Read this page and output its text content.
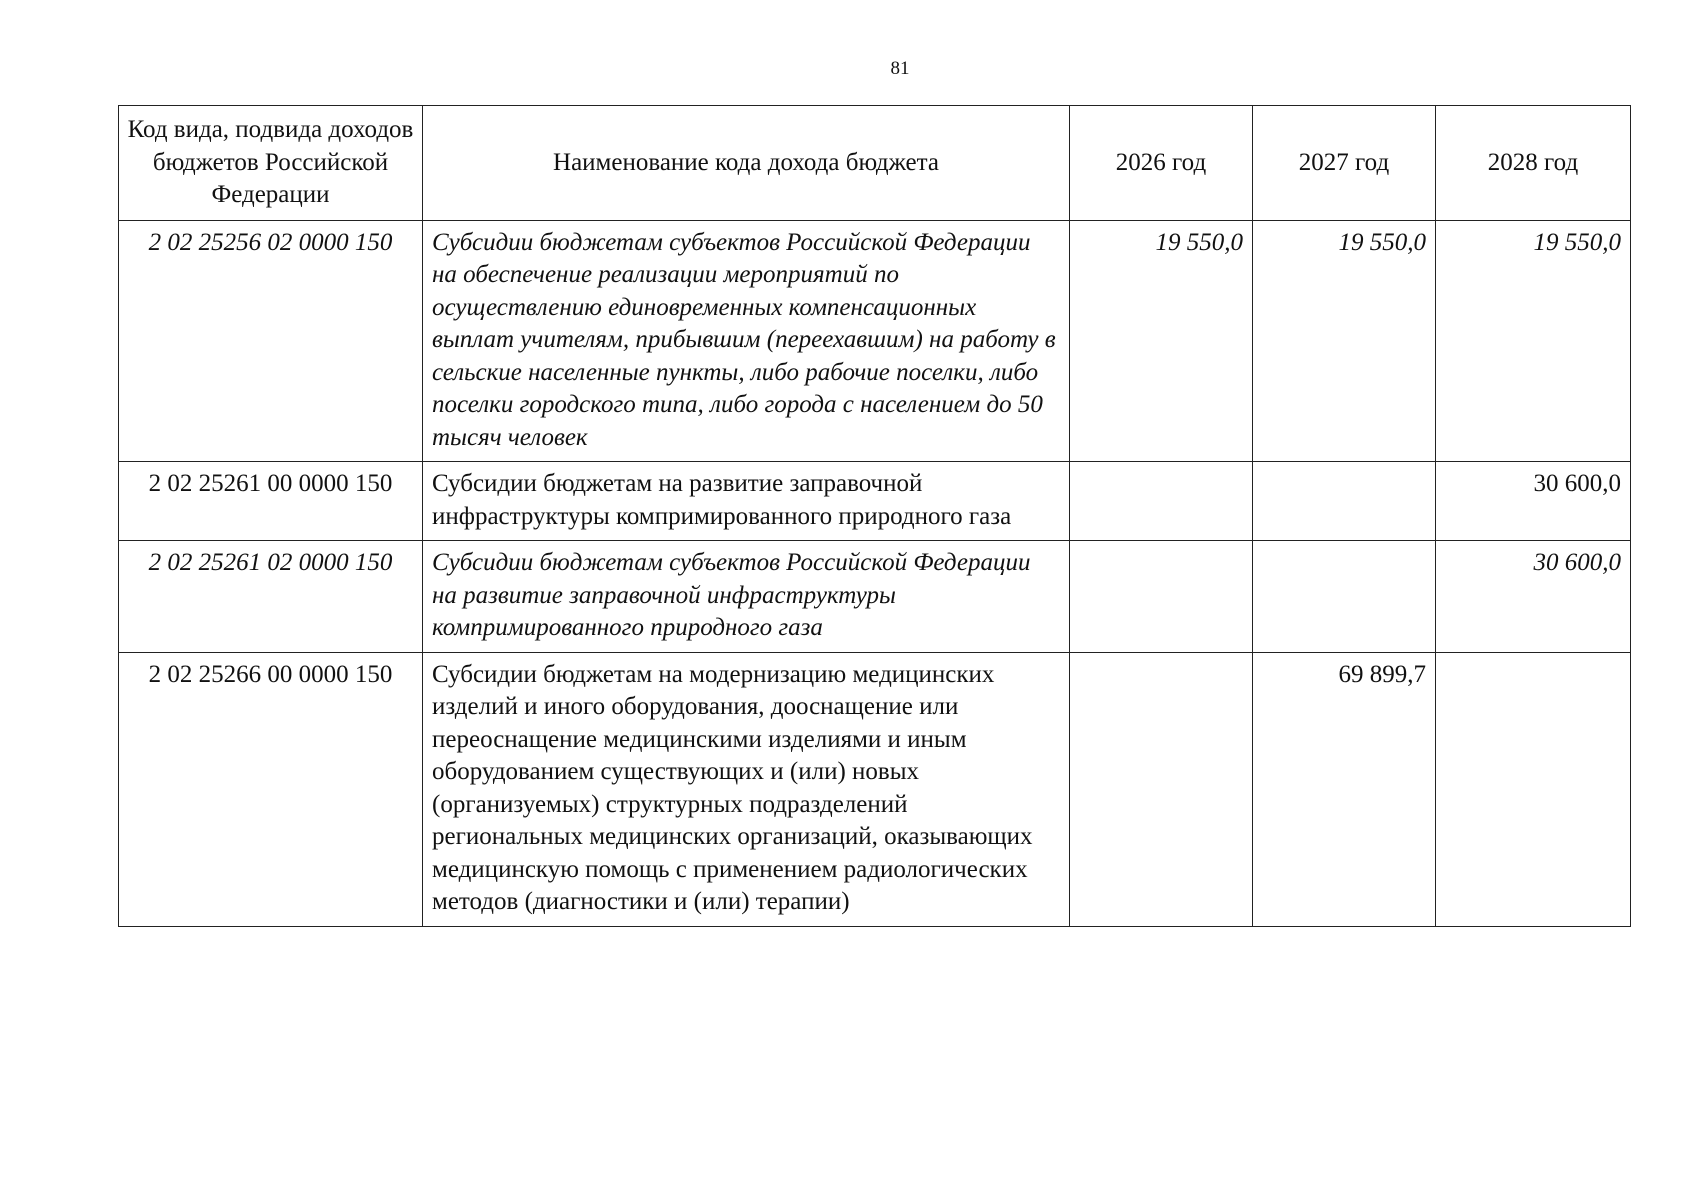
81
Код вида, подвида доходов бюджетов Российской Федерации	Наименование кода дохода бюджета	2026 год	2027 год	2028 год
2 02 25256 02 0000 150	Субсидии бюджетам субъектов Российской Федерации на обеспечение реализации мероприятий по осуществлению единовременных компенсационных выплат учителям, прибывшим (переехавшим) на работу в сельские населенные пункты, либо рабочие поселки, либо поселки городского типа, либо города с населением до 50 тысяч человек	19 550,0	19 550,0	19 550,0
2 02 25261 00 0000 150	Субсидии бюджетам на развитие заправочной инфраструктуры компримированного природного газа			30 600,0
2 02 25261 02 0000 150	Субсидии бюджетам субъектов Российской Федерации на развитие заправочной инфраструктуры компримированного природного газа			30 600,0
2 02 25266 00 0000 150	Субсидии бюджетам на модернизацию медицинских изделий и иного оборудования, дооснащение или переоснащение медицинскими изделиями и иным оборудованием существующих и (или) новых (организуемых) структурных подразделений региональных медицинских организаций, оказывающих медицинскую помощь с применением радиологических методов (диагностики и (или) терапии)		69 899,7	
